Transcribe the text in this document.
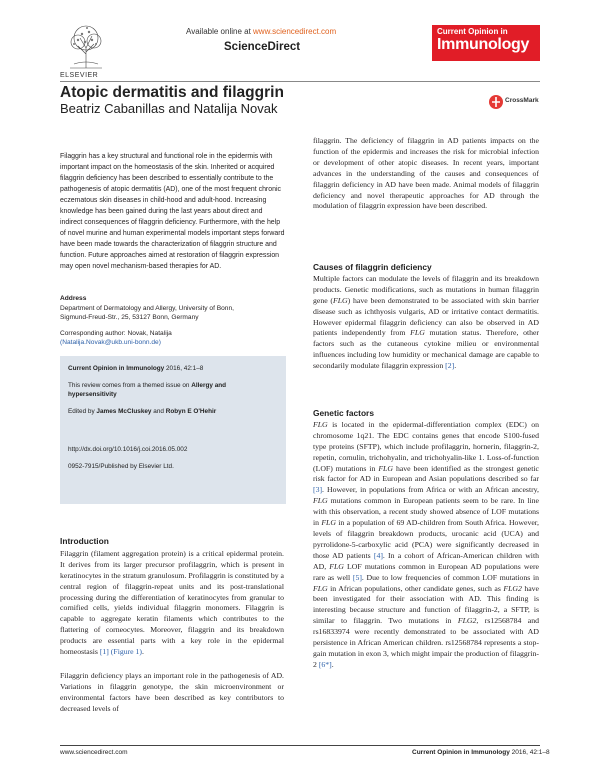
ELSEVIER
Available online at www.sciencedirect.com
ScienceDirect
Current Opinion in
Immunology
Atopic dermatitis and filaggrin
Beatriz Cabanillas and Natalija Novak
CrossMark

Filaggrin has a key structural and functional role in the epidermis with important impact on the homeostasis of the skin. Inherited or acquired filaggrin deficiency has been described to essentially contribute to the pathogenesis of atopic dermatitis (AD), one of the most frequent chronic eczematous skin diseases in child-hood and adult-hood. Increasing knowledge has been gained during the last years about direct and indirect consequences of filaggrin deficiency. Furthermore, with the help of novel murine and human experimental models important steps forward have been made towards the characterization of filaggrin structure and function. Future approaches aimed at restoration of filaggrin expression may open novel mechanism-based therapies for AD.

Address
Department of Dermatology and Allergy, University of Bonn,
Sigmund-Freud-Str., 25, 53127 Bonn, Germany
Corresponding author: Novak, Natalija
(Natalija.Novak@ukb.uni-bonn.de)
Current Opinion in Immunology 2016, 42:1–8
This review comes from a themed issue on Allergy and
hypersensitivity
Edited by James McCluskey and Robyn E O'Hehir
http://dx.doi.org/10.1016/j.coi.2016.05.002
0952-7915/Published by Elsevier Ltd.
Introduction

Filaggrin (filament aggregation protein) is a critical epidermal protein. It derives from its larger precursor profilaggrin, which is present in keratinocytes in the stratum granulosum. Profilaggrin is constituted by a central region of filaggrin-repeat units and its post-translational processing during the differentiation of keratinocytes from granular to cornified cells, yields individual filaggrin monomers. Filaggrin is capable to aggregate keratin filaments which contributes to the flattering of corneocytes. Moreover, filaggrin and its breakdown products are essential parts with a key role in the epidermal homeostasis [1] (Figure 1).

Filaggrin deficiency plays an important role in the pathogenesis of AD. Variations in filaggrin genotype, the skin microenvironment or environmental factors have been described as key contributors to decreased levels of

filaggrin. The deficiency of filaggrin in AD patients impacts on the function of the epidermis and increases the risk for microbial infection or development of other atopic diseases. In recent years, important advances in the understanding of the causes and consequences of filaggrin deficiency in AD have been made. Animal models of filaggrin deficiency and novel therapeutic approaches for AD through the modulation of filaggrin expression have been described.

Causes of filaggrin deficiency

Multiple factors can modulate the levels of filaggrin and its breakdown products. Genetic modifications, such as mutations in human filaggrin gene (FLG) have been demonstrated to be associated with skin barrier disease such as ichthyosis vulgaris, AD or irritative contact dermatitis. However epidermal filaggrin deficiency can also be observed in AD patients independently from FLG mutation status. Therefore, other factors such as the cutaneous cytokine milieu or environmental influences including low humidity or mechanical damage are capable to secondarily modulate filaggrin expression [2].

Genetic factors

FLG is located in the epidermal-differentiation complex (EDC) on chromosome 1q21. The EDC contains genes that encode S100-fused type proteins (SFTP), which include profilaggrin, hornerin, filaggrin-2, repetin, cornulin, trichohyalin, and trichohyalin-like 1. Loss-of-function (LOF) mutations in FLG have been identified as the strongest genetic risk factor for AD in European and Asian populations described so far [3]. However, in populations from Africa or with an African ancestry, FLG mutations common in European patients seem to be rare. In line with this observation, a recent study showed absence of LOF mutations in FLG in a population of 69 AD-children from South Africa. However, levels of filaggrin breakdown products, urocanic acid (UCA) and pyrrolidone-5-carboxylic acid (PCA) were significantly decreased in those AD patients [4]. In a cohort of African-American children with AD, FLG LOF mutations common in European AD populations were rare as well [5]. Due to low frequencies of common LOF mutations in FLG in African populations, other candidate genes, such as FLG2 have been investigated for their association with AD. This finding is interesting because structure and function of filaggrin-2, a SFTP, is similar to filaggrin. Two mutations in FLG2, rs12568784 and rs16833974 were recently demonstrated to be associated with AD persistence in African American children. rs12568784 represents a stop-gain mutation in exon 3, which might impair the production of filaggrin-2 [6*].

www.sciencedirect.com	Current Opinion in Immunology 2016, 42:1–8
